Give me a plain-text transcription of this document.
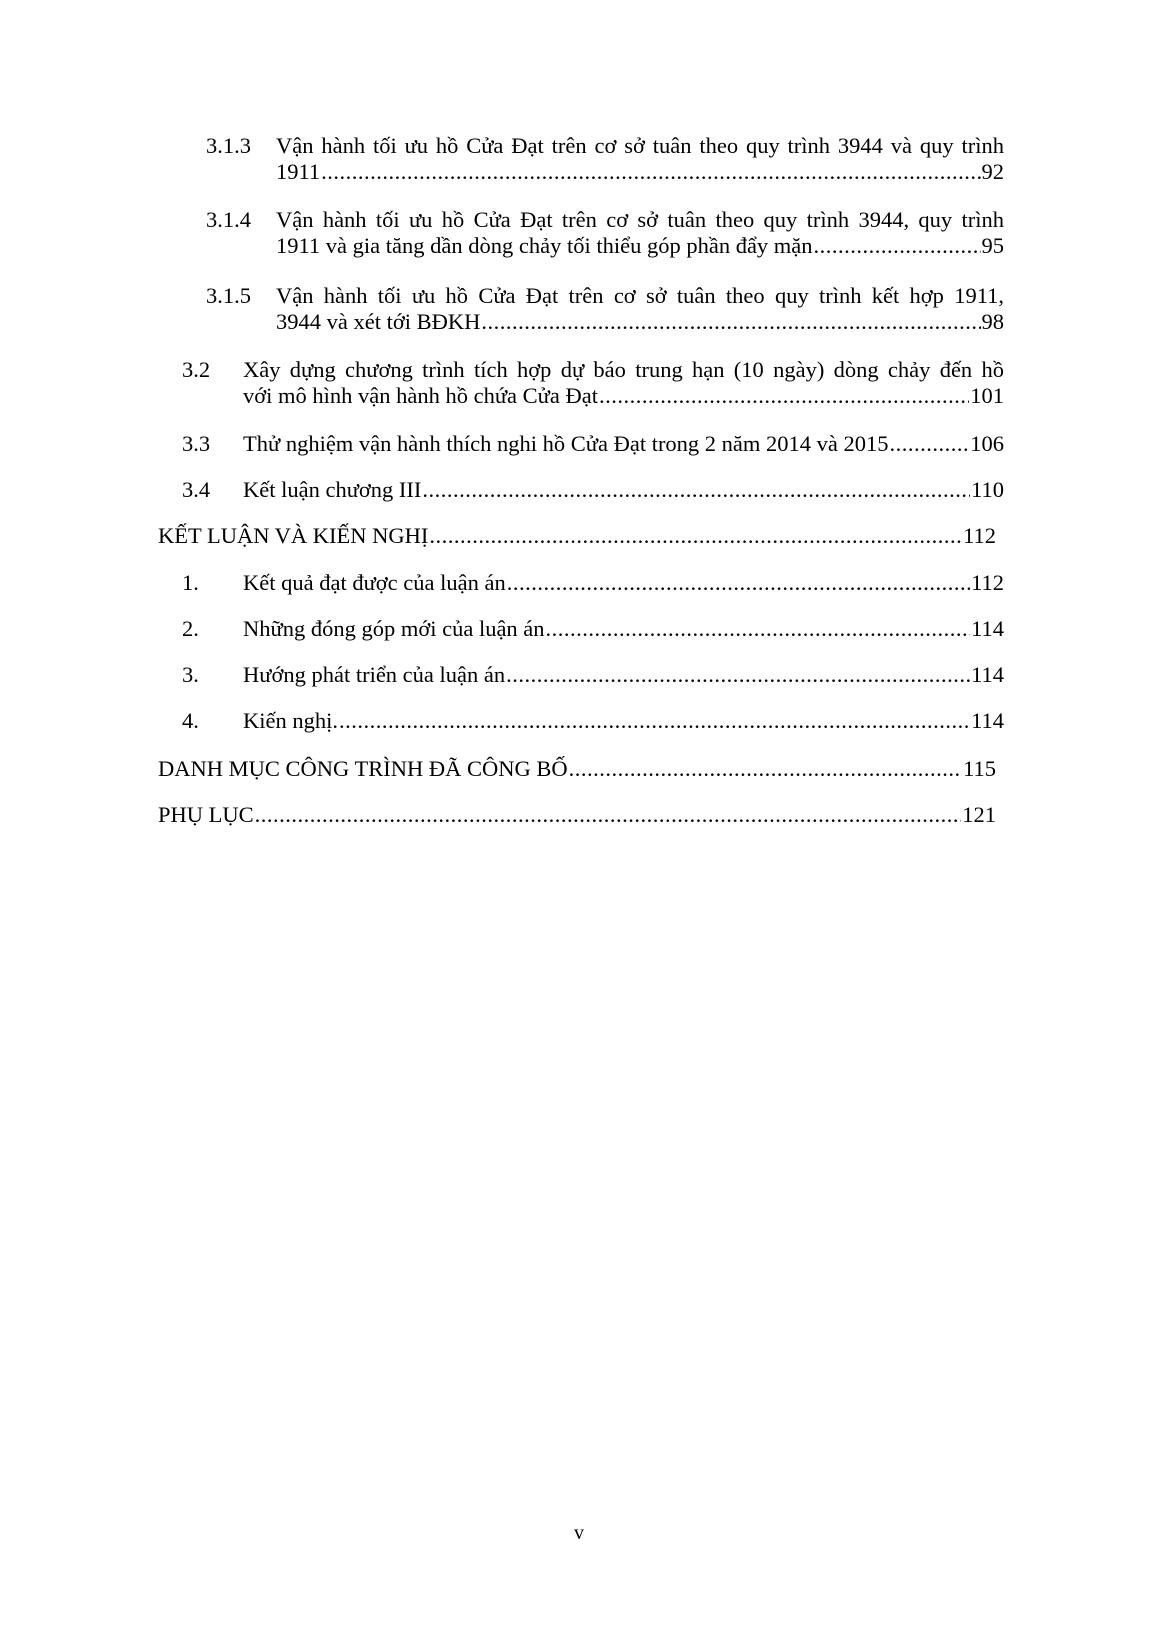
3.1.3 Vận hành tối ưu hồ Cửa Đạt trên cơ sở tuân theo quy trình 3944 và quy trình
1911 .....	92
3.1.4 Vận hành tối ưu hồ Cửa Đạt trên cơ sở tuân theo quy trình 3944, quy trình
1911 và gia tăng dần dòng chảy tối thiểu góp phần đẩy mặn .....	95
3.1.5 Vận hành tối ưu hồ Cửa Đạt trên cơ sở tuân theo quy trình kết hợp 1911,
3944 và xét tới BĐKH .....	98
3.2 Xây dựng chương trình tích hợp dự báo trung hạn (10 ngày) dòng chảy đến hồ
với mô hình vận hành hồ chứa Cửa Đạt .....	101
3.3 Thử nghiệm vận hành thích nghi hồ Cửa Đạt trong 2 năm 2014 và 2015 .....	106
3.4 Kết luận chương III .....	110
KẾT LUẬN VÀ KIẾN NGHỊ .....	112
1. Kết quả đạt được của luận án .....	112
2. Những đóng góp mới của luận án .....	114
3. Hướng phát triển của luận án .....	114
4. Kiến nghị. .....	114
DANH MỤC CÔNG TRÌNH ĐÃ CÔNG BỐ .....	115
PHỤ LỤC .....	121
v
